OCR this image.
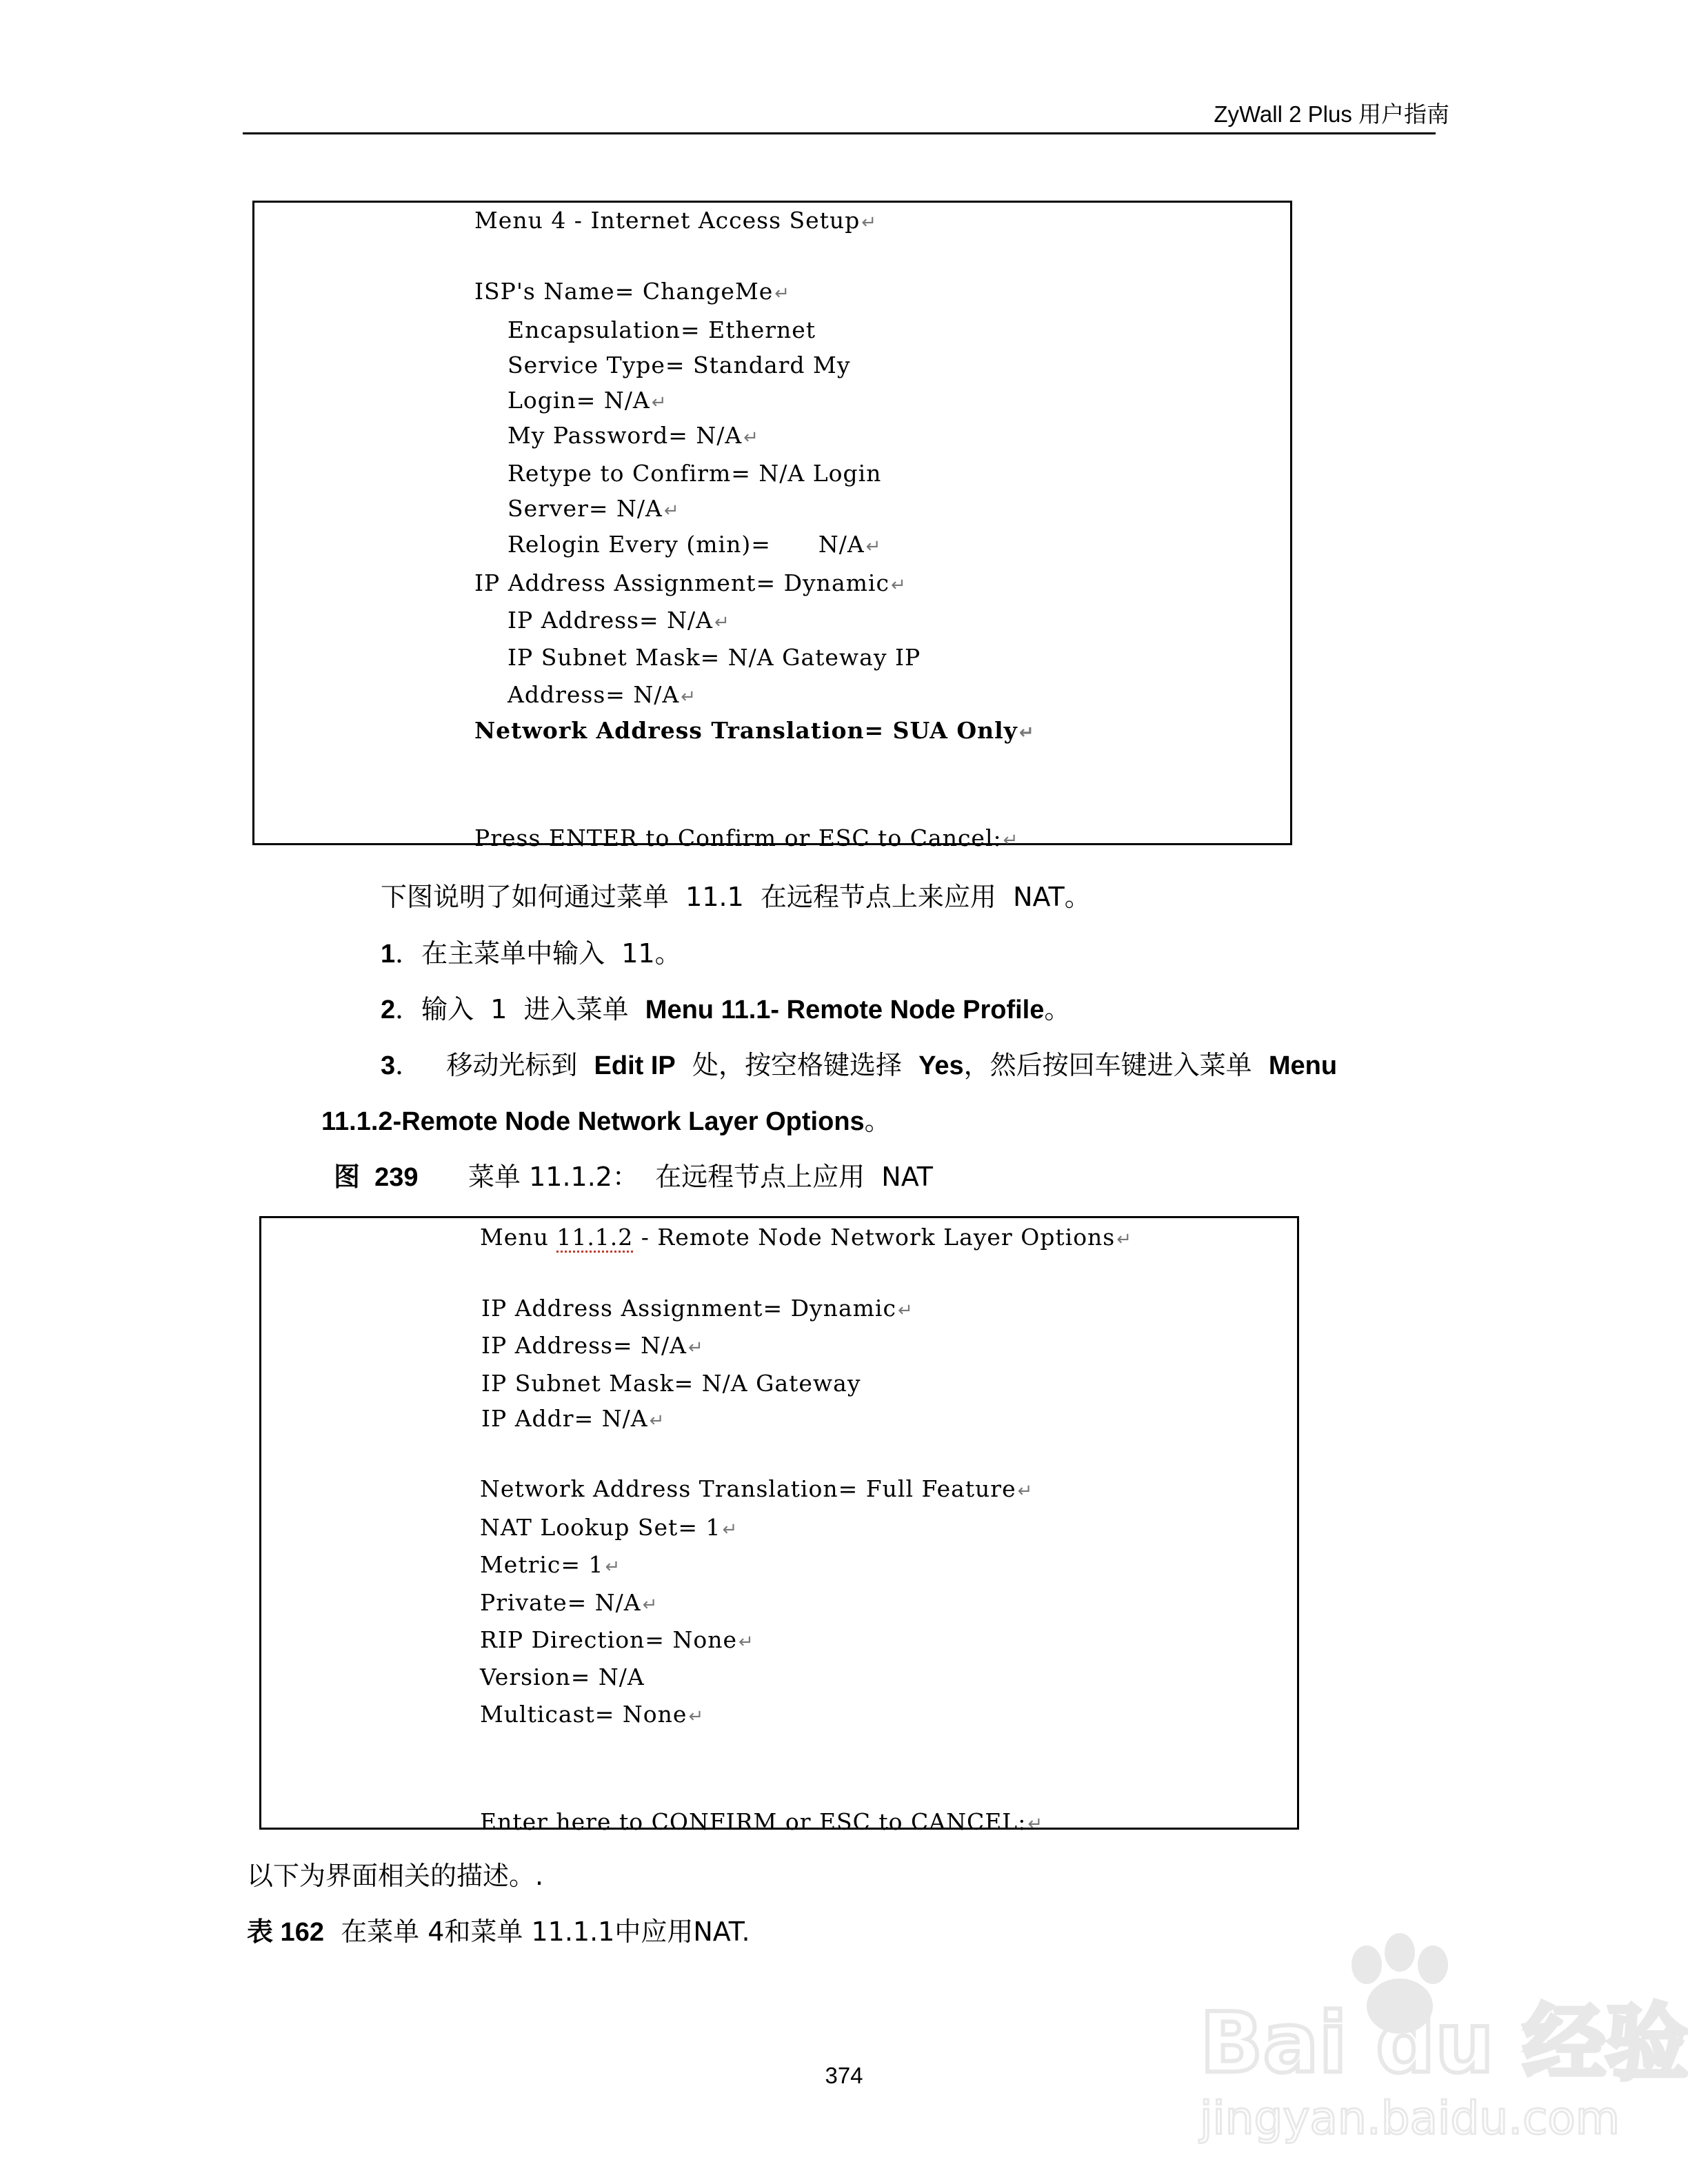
ZyWall 2 Plus 用户指南
Menu 4 - Internet Access Setup↵
ISP's Name= ChangeMe↵
Encapsulation= Ethernet
Service Type= Standard My
Login= N/A↵
My Password= N/A↵
Retype to Confirm= N/A Login
Server= N/A↵
Relogin Every (min)=      N/A↵
IP Address Assignment= Dynamic↵
IP Address= N/A↵
IP Subnet Mask= N/A Gateway IP
Address= N/A↵
Network Address Translation= SUA Only↵
Press ENTER to Confirm or ESC to Cancel:↵
下图说明了如何通过菜单  11.1  在远程节点上来应用  NAT。
1．在主菜单中输入  11。
2．输入  1  进入菜单  Menu 11.1- Remote Node Profile。
3．   移动光标到  Edit IP  处，按空格键选择  Yes，然后按回车键进入菜单  Menu
11.1.2-Remote Node Network Layer Options。
图  239 菜单 11.1.2：  在远程节点上应用  NAT
Menu 11.1.2 - Remote Node Network Layer Options↵
IP Address Assignment= Dynamic↵
IP Address= N/A↵
IP Subnet Mask= N/A Gateway
IP Addr= N/A↵
Network Address Translation= Full Feature↵
NAT Lookup Set= 1↵
Metric= 1↵
Private= N/A↵
RIP Direction= None↵
Version= N/A
Multicast= None↵
Enter here to CONFIRM or ESC to CANCEL:↵
以下为界面相关的描述。.
表 162  在菜单 4和菜单 11.1.1中应用NAT.
374	Bai du 经验
jingyan.baidu.com
